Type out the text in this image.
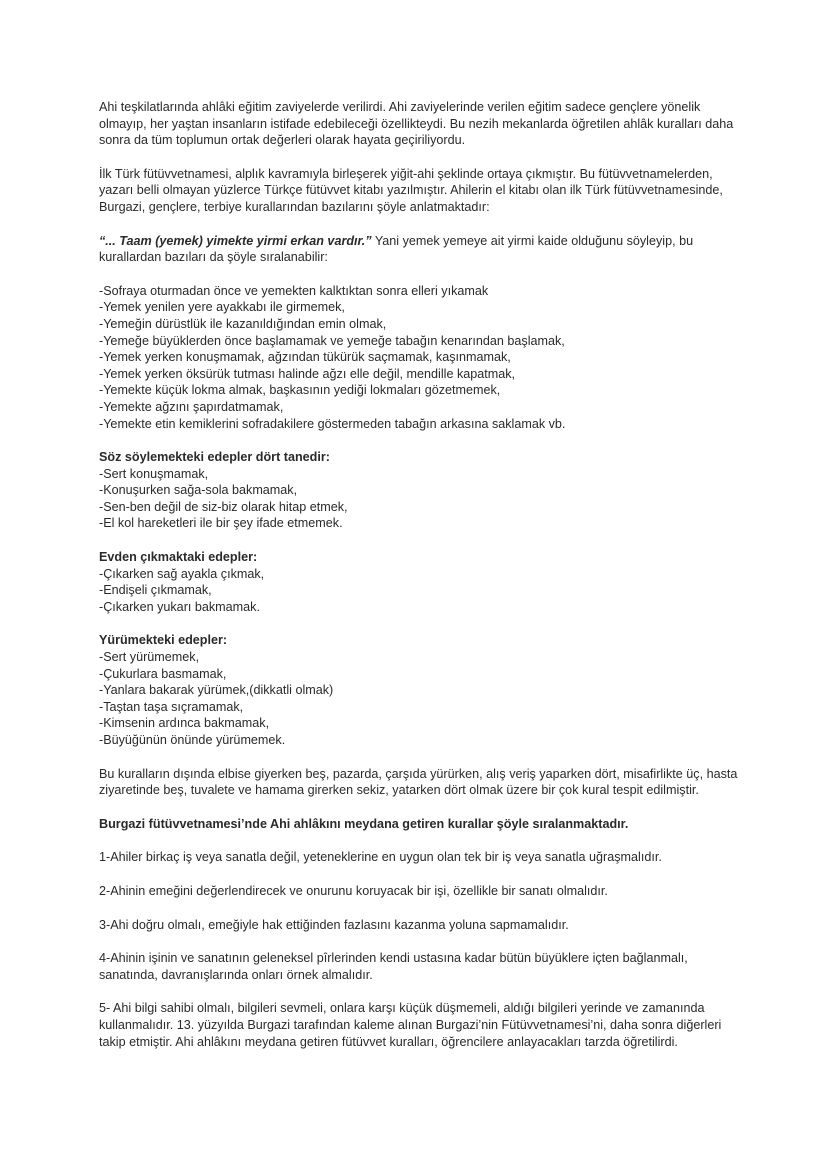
Ahi teşkilatlarında ahlâki eğitim zaviyelerde verilirdi. Ahi zaviyelerinde verilen eğitim sadece gençlere yönelik olmayıp, her yaştan insanların istifade edebileceği özellikteydi. Bu nezih mekanlarda öğretilen ahlâk kuralları daha sonra da tüm toplumun ortak değerleri olarak hayata geçiriliyordu.

İlk Türk fütüvvetnamesi, alplık kavramıyla birleşerek yiğit-ahi şeklinde ortaya çıkmıştır. Bu fütüvvetnamelerden, yazarı belli olmayan yüzlerce Türkçe fütüvvet kitabı yazılmıştır. Ahilerin el kitabı olan ilk Türk fütüvvetnamesinde, Burgazi, gençlere, terbiye kurallarından bazılarını şöyle anlatmaktadır:

“... Taam (yemek) yimekte yirmi erkan vardır.” Yani yemek yemeye ait yirmi kaide olduğunu söyleyip, bu kurallardan bazıları da şöyle sıralanabilir:

-Sofraya oturmadan önce ve yemekten kalktıktan sonra elleri yıkamak
-Yemek yenilen yere ayakkabı ile girmemek,
-Yemeğin dürüstlük ile kazanıldığından emin olmak,
-Yemeğe büyüklerden önce başlamamak ve yemeğe tabağın kenarından başlamak,
-Yemek yerken konuşmamak, ağzından tükürük saçmamak, kaşınmamak,
-Yemek yerken öksürük tutması halinde ağzı elle değil, mendille kapatmak,
-Yemekte küçük lokma almak, başkasının yediği lokmaları gözetmemek,
-Yemekte ağzını şapırdatmamak,
-Yemekte etin kemiklerini sofradakilere göstermeden tabağın arkasına saklamak vb.
Söz söylemekteki edepler dört tanedir:
-Sert konuşmamak,
-Konuşurken sağa-sola bakmamak,
-Sen-ben değil de siz-biz olarak hitap etmek,
-El kol hareketleri ile bir şey ifade etmemek.
Evden çıkmaktaki edepler:
-Çıkarken sağ ayakla çıkmak,
-Endişeli çıkmamak,
-Çıkarken yukarı bakmamak.
Yürümekteki edepler:
-Sert yürümemek,
-Çukurlara basmamak,
-Yanlara bakarak yürümek,(dikkatli olmak)
-Taştan taşa sıçramamak,
-Kimsenin ardınca bakmamak,
-Büyüğünün önünde yürümemek.

Bu kuralların dışında elbise giyerken beş, pazarda, çarşıda yürürken, alış veriş yaparken dört, misafirlikte üç, hasta ziyaretinde beş, tuvalete ve hamama girerken sekiz, yatarken dört olmak üzere bir çok kural tespit edilmiştir.

Burgazi fütüvvetnamesi’nde Ahi ahlâkını meydana getiren kurallar şöyle sıralanmaktadır.

1-Ahiler birkaç iş veya sanatla değil, yeteneklerine en uygun olan tek bir iş veya sanatla uğraşmalıdır.

2-Ahinin emeğini değerlendirecek ve onurunu koruyacak bir işi, özellikle bir sanatı olmalıdır.

3-Ahi doğru olmalı, emeğiyle hak ettiğinden fazlasını kazanma yoluna sapmamalıdır.

4-Ahinin işinin ve sanatının geleneksel pîrlerinden kendi ustasına kadar bütün büyüklere içten bağlanmalı, sanatında, davranışlarında onları örnek almalıdır.

5- Ahi bilgi sahibi olmalı, bilgileri sevmeli, onlara karşı küçük düşmemeli, aldığı bilgileri yerinde ve zamanında kullanmalıdır. 13. yüzyılda Burgazi tarafından kaleme alınan Burgazi’nin Fütüvvetnamesi’ni, daha sonra diğerleri takip etmiştir. Ahi ahlâkını meydana getiren fütüvvet kuralları, öğrencilere anlayacakları tarzda öğretilirdi.
